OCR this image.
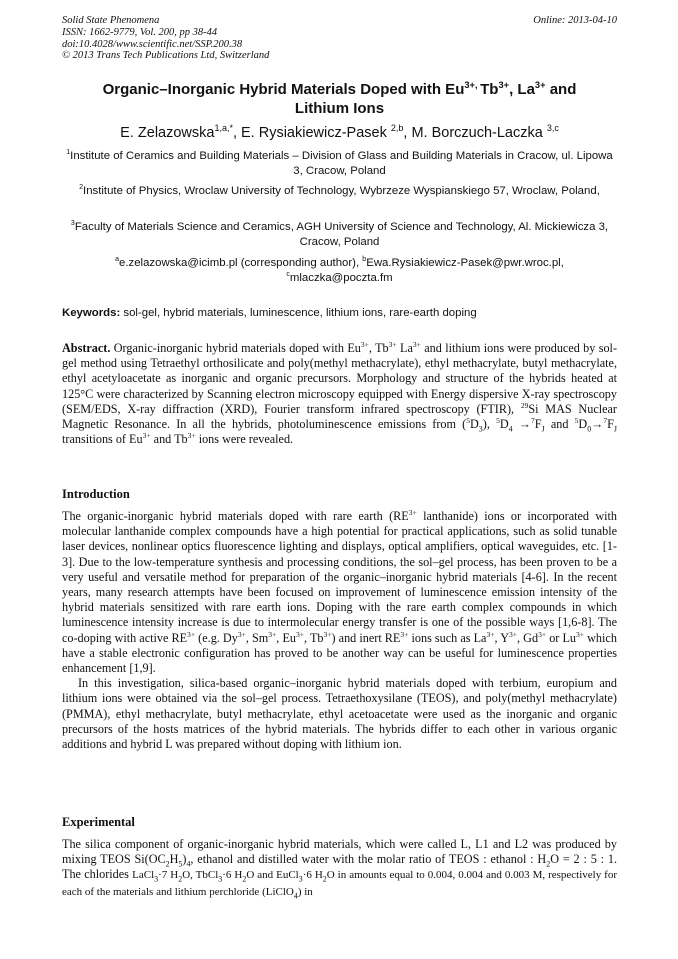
Solid State Phenomena
ISSN: 1662-9779, Vol. 200, pp 38-44
doi:10.4028/www.scientific.net/SSP.200.38
© 2013 Trans Tech Publications Ltd, Switzerland
Online: 2013-04-10
Organic–Inorganic Hybrid Materials Doped with $Eu^{3+,}$ $Tb^{3+}$, $La^{3+}$ and
Lithium Ions
E. Zelazowska$^{1,a,*}$, E. Rysiakiewicz-Pasek $^{2,b}$, M. Borczuch-Laczka $^{3,c}$
$^1$Institute of Ceramics and Building Materials – Division of Glass and Building Materials in Cracow, ul. Lipowa 3, Cracow, Poland
$^2$Institute of Physics, Wroclaw University of Technology, Wybrzeze Wyspianskiego 57, Wroclaw, Poland,
$^3$Faculty of Materials Science and Ceramics, AGH University of Science and Technology, Al. Mickiewicza 3, Cracow, Poland
$^a$e.zelazowska@icimb.pl (corresponding author), $^b$Ewa.Rysiakiewicz-Pasek@pwr.wroc.pl, $^c$mlaczka@poczta.fm
Keywords: sol-gel, hybrid materials, luminescence, lithium ions, rare-earth doping
Abstract. Organic-inorganic hybrid materials doped with $Eu^{3+}$, $Tb^{3+}$ $La^{3+}$ and lithium ions were produced by sol-gel method using Tetraethyl orthosilicate and poly(methyl methacrylate), ethyl methacrylate, butyl methacrylate, ethyl acetyloacetate as inorganic and organic precursors. Morphology and structure of the hybrids heated at 125°C were characterized by Scanning electron microscopy equipped with Energy dispersive X-ray spectroscopy (SEM/EDS, X-ray diffraction (XRD), Fourier transform infrared spectroscopy (FTIR), $^{29}$Si MAS Nuclear Magnetic Resonance. In all the hybrids, photoluminescence emissions from $(^5D_3)$, $^5D_4 \to^7F_J$ and $^5D_0\to^7F_J$ transitions of $Eu^{3+}$ and $Tb^{3+}$ ions were revealed.
Introduction
The organic-inorganic hybrid materials doped with rare earth ($RE^{3+}$ lanthanide) ions or incorporated with molecular lanthanide complex compounds have a high potential for practical applications, such as solid tunable laser devices, nonlinear optics fluorescence lighting and displays, optical amplifiers, optical waveguides, etc. [1-3]. Due to the low-temperature synthesis and processing conditions, the sol–gel process, has been proven to be a very useful and versatile method for preparation of the organic–inorganic hybrid materials [4-6]. In the recent years, many research attempts have been focused on improvement of luminescence emission intensity of the hybrid materials sensitized with rare earth ions. Doping with the rare earth complex compounds in which luminescence intensity increase is due to intermolecular energy transfer is one of the possible ways [1,6-8]. The co-doping with active $RE^{3+}$ (e.g. $Dy^{3+}$, $Sm^{3+}$, $Eu^{3+}$, $Tb^{3+}$) and inert $RE^{3+}$ ions such as $La^{3+}$, $Y^{3+}$, $Gd^{3+}$ or $Lu^{3+}$ which have a stable electronic configuration has proved to be another way can be useful for luminescence properties enhancement [1,9].
In this investigation, silica-based organic–inorganic hybrid materials doped with terbium, europium and lithium ions were obtained via the sol–gel process. Tetraethoxysilane (TEOS), and poly(methyl methacrylate) (PMMA), ethyl methacrylate, butyl methacrylate, ethyl acetoacetate were used as the inorganic and organic precursors of the hosts matrices of the hybrid materials. The hybrids differ to each other in various organic additions and hybrid L was prepared without doping with lithium ion.
Experimental
The silica component of organic-inorganic hybrid materials, which were called L, L1 and L2 was produced by mixing TEOS $Si(OC_2H_5)_4$, ethanol and distilled water with the molar ratio of TEOS : ethanol : $H_2O = 2$ : 5 : 1. The chlorides LaCl$_3$·7 $H_2O$, TbCl$_3$·6 $H_2O$ and EuCl$_3$·6 $H_2O$ in amounts equal to 0.004, 0.004 and 0.003 M, respectively for each of the materials and lithium perchloride (LiClO$_4$) in
